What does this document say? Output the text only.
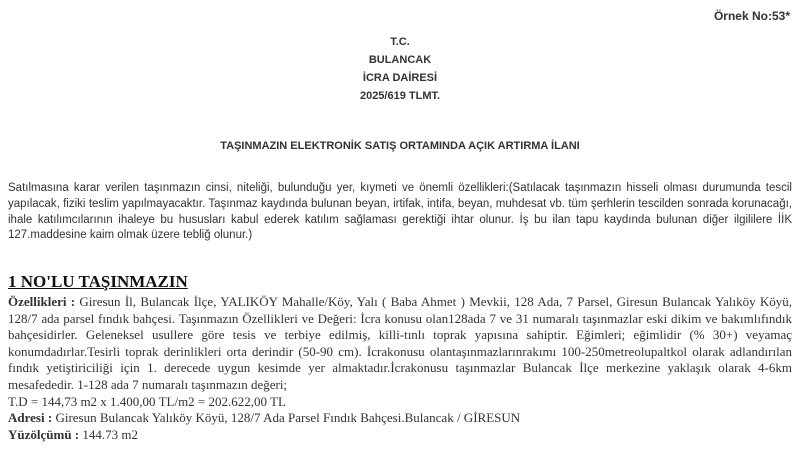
Örnek No:53*
T.C.
BULANCAK
İCRA DAİRESİ
2025/619 TLMT.
TAŞINMAZIN ELEKTRONİK SATIŞ ORTAMINDA AÇIK ARTIRMA İLANI
Satılmasına karar verilen taşınmazın cinsi, niteliği, bulunduğu yer, kıymeti ve önemli özellikleri:(Satılacak taşınmazın hisseli olması durumunda tescil yapılacak, fiziki teslim yapılmayacaktır. Taşınmaz kaydında bulunan beyan, irtifak, intifa, beyan, muhdesat vb. tüm şerhlerin tescilden sonrada korunacağı, ihale katılımcılarının ihaleye bu hususları kabul ederek katılım sağlaması gerektiği ihtar olunur. İş bu ilan tapu kaydında bulunan diğer ilgililere İİK 127.maddesine kaim olmak üzere tebliğ olunur.)
1 NO'LU TAŞINMAZIN

Özellikleri : Giresun İl, Bulancak İlçe, YALIKÖY Mahalle/Köy, Yalı ( Baba Ahmet ) Mevkii, 128 Ada, 7 Parsel, Giresun Bulancak Yalıköy Köyü, 128/7 ada parsel fındık bahçesi. Taşınmazın Özellikleri ve Değeri: İcra konusu olan128ada 7 ve 31 numaralı taşınmazlar eski dikim ve bakımlıfındık bahçesidirler. Geleneksel usullere göre tesis ve terbiye edilmiş, killi-tınlı toprak yapısına sahiptir. Eğimleri; eğimlidir (% 30+) veyamaç konumdadırlar.Tesirli toprak derinlikleri orta derindir (50-90 cm). İcrakonusu olantaşınmazlarınrakımı 100-250metreolupaltkol olarak adlandırılan fındık yetiştiriciliği için 1. derecede uygun kesimde yer almaktadır.İcrakonusu taşınmazlar Bulancak İlçe merkezine yaklaşık olarak 4-6km mesafededir. 1-128 ada 7 numaralı taşınmazın değeri;

T.D = 144,73 m2 x 1.400,00 TL/m2 = 202.622,00 TL

Adresi : Giresun Bulancak Yalıköy Köyü, 128/7 Ada Parsel Fındık Bahçesi.Bulancak / GİRESUN

Yüzölçümü : 144.73 m2
